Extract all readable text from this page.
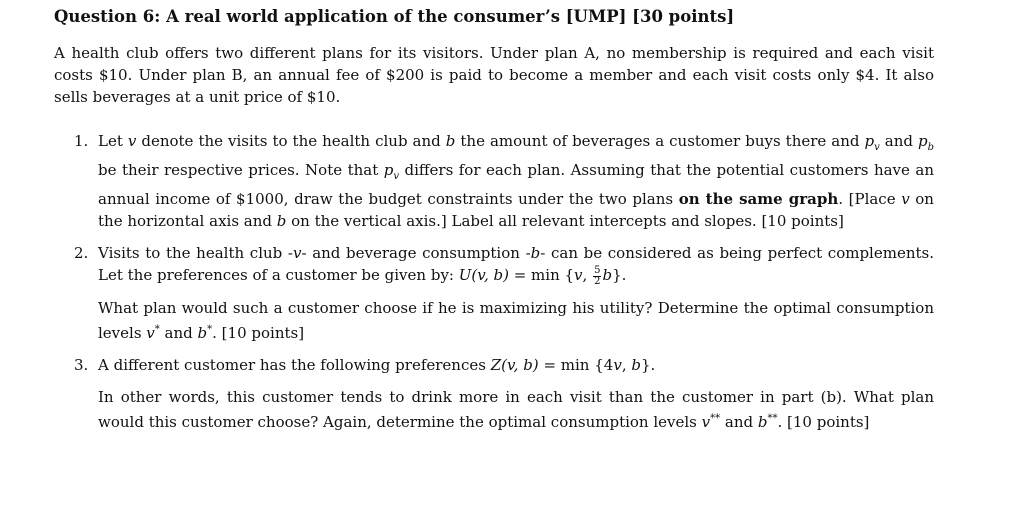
Question 6: A real world application of the consumer’s [UMP] [30 points]

A health club offers two different plans for its visitors. Under plan A, no membership is required and each visit costs $10. Under plan B, an annual fee of $200 is paid to become a member and each visit costs only $4. It also sells beverages at a unit price of $10.

1. Let v denote the visits to the health club and b the amount of beverages a customer buys there and $p_v$ and $p_b$ be their respective prices. Note that $p_v$ differs for each plan. Assuming that the potential customers have an annual income of $1000, draw the budget constraints under the two plans on the same graph. [Place v on the horizontal axis and b on the vertical axis.] Label all relevant intercepts and slopes. [10 points]

2. Visits to the health club -v- and beverage consumption -b- can be considered as being perfect complements. Let the preferences of a customer be given by: U(v, b) = min {v, $\frac{5}{2} b$}.

What plan would such a customer choose if he is maximizing his utility? Determine the optimal consumption levels v* and b*. [10 points]

3. A different customer has the following preferences Z(v, b) = min {4v, b}.

In other words, this customer tends to drink more in each visit than the customer in part (b). What plan would this customer choose? Again, determine the optimal consumption levels v** and b**. [10 points]
